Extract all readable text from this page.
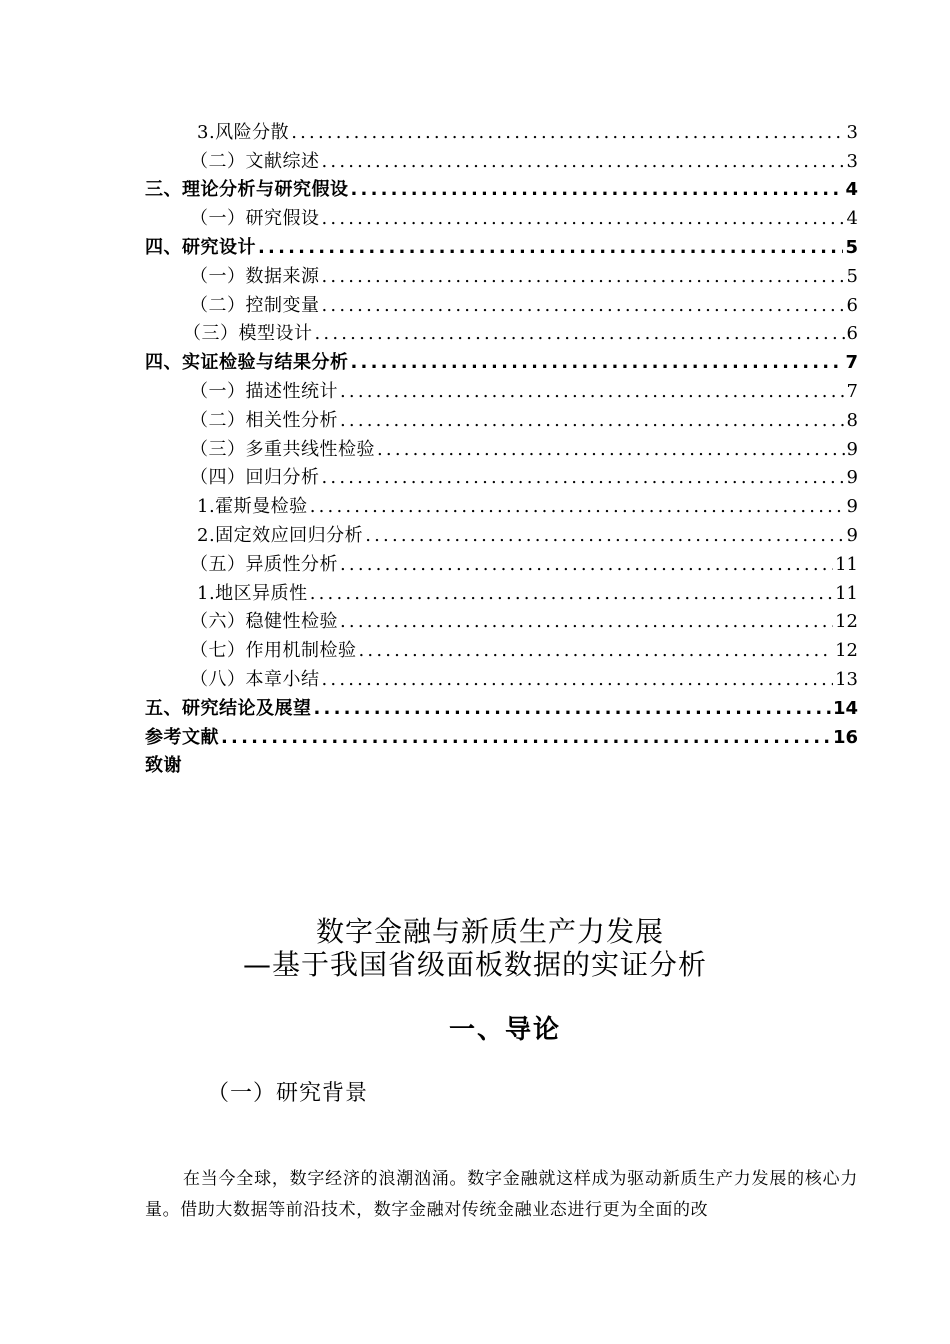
3.风险分散 .....	3
（二）文献综述 .....	3
三、理论分析与研究假设 .....	4
（一）研究假设 .....	4
四、研究设计 .....	5
（一）数据来源 .....	5
（二）控制变量 .....	6
（三）模型设计 .....	6
四、实证检验与结果分析 .....	7
（一）描述性统计 .....	7
（二）相关性分析 .....	8
（三）多重共线性检验 .....	9
（四）回归分析 .....	9
1.霍斯曼检验 .....	9
2.固定效应回归分析 .....	9
（五）异质性分析 .....	11
1.地区异质性 .....	11
（六）稳健性检验 .....	12
（七）作用机制检验 .....	12
（八）本章小结 .....	13
五、研究结论及展望 .....	14
参考文献 .....	16
致谢
数字金融与新质生产力发展
—基于我国省级面板数据的实证分析
一、导论
（一）研究背景

在当今全球，数字经济的浪潮汹涌。数字金融就这样成为驱动新质生产力发展的核心力量。借助大数据等前沿技术，数字金融对传统金融业态进行更为全面的改
